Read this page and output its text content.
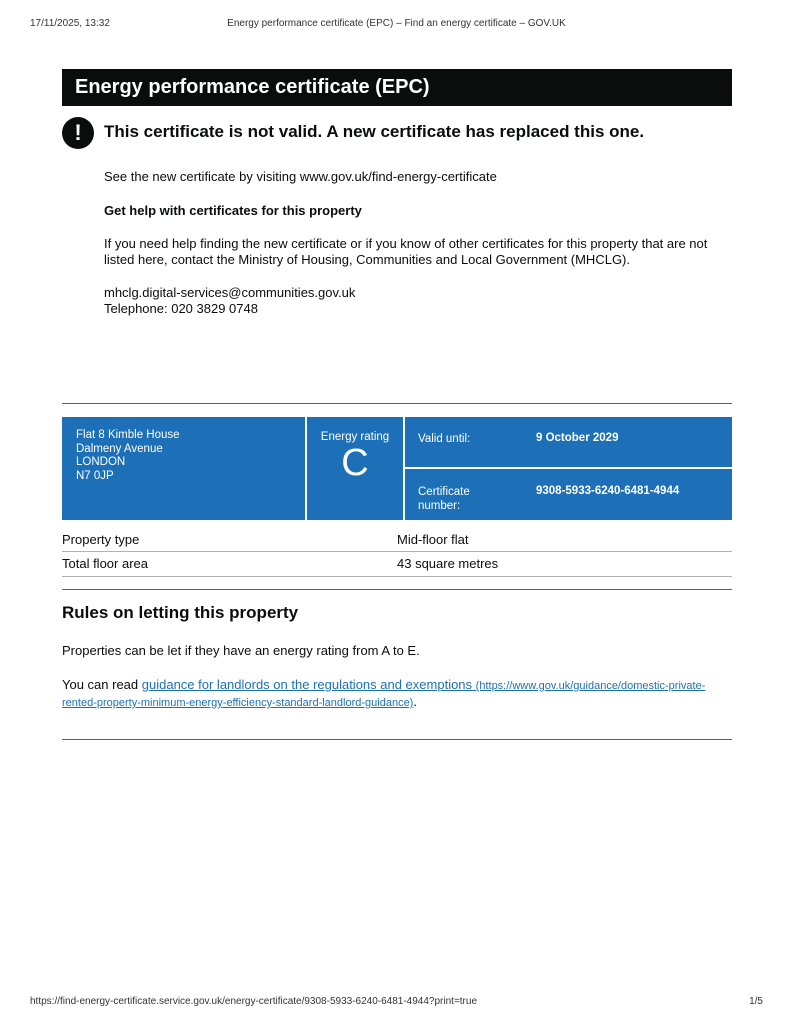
17/11/2025, 13:32	Energy performance certificate (EPC) – Find an energy certificate – GOV.UK
Energy performance certificate (EPC)
!	This certificate is not valid. A new certificate has replaced this one.

See the new certificate by visiting www.gov.uk/find-energy-certificate

Get help with certificates for this property

If you need help finding the new certificate or if you know of other certificates for this property that are not listed here, contact the Ministry of Housing, Communities and Local Government (MHCLG).

mhclg.digital-services@communities.gov.uk

Telephone: 020 3829 0748

Flat 8 Kimble House
Dalmeny Avenue
LONDON
N7 0JP
Energy rating
C
Valid until:	9 October 2029
Certificate number:
9308-5933-6240-6481-4944
Property type	Mid-floor flat
Total floor area	43 square metres
Rules on letting this property
Properties can be let if they have an energy rating from A to E.
You can read guidance for landlords on the regulations and exemptions (https://www.gov.uk/guidance/domestic-private-rented-property-minimum-energy-efficiency-standard-landlord-guidance).
https://find-energy-certificate.service.gov.uk/energy-certificate/9308-5933-6240-6481-4944?print=true	1/5
